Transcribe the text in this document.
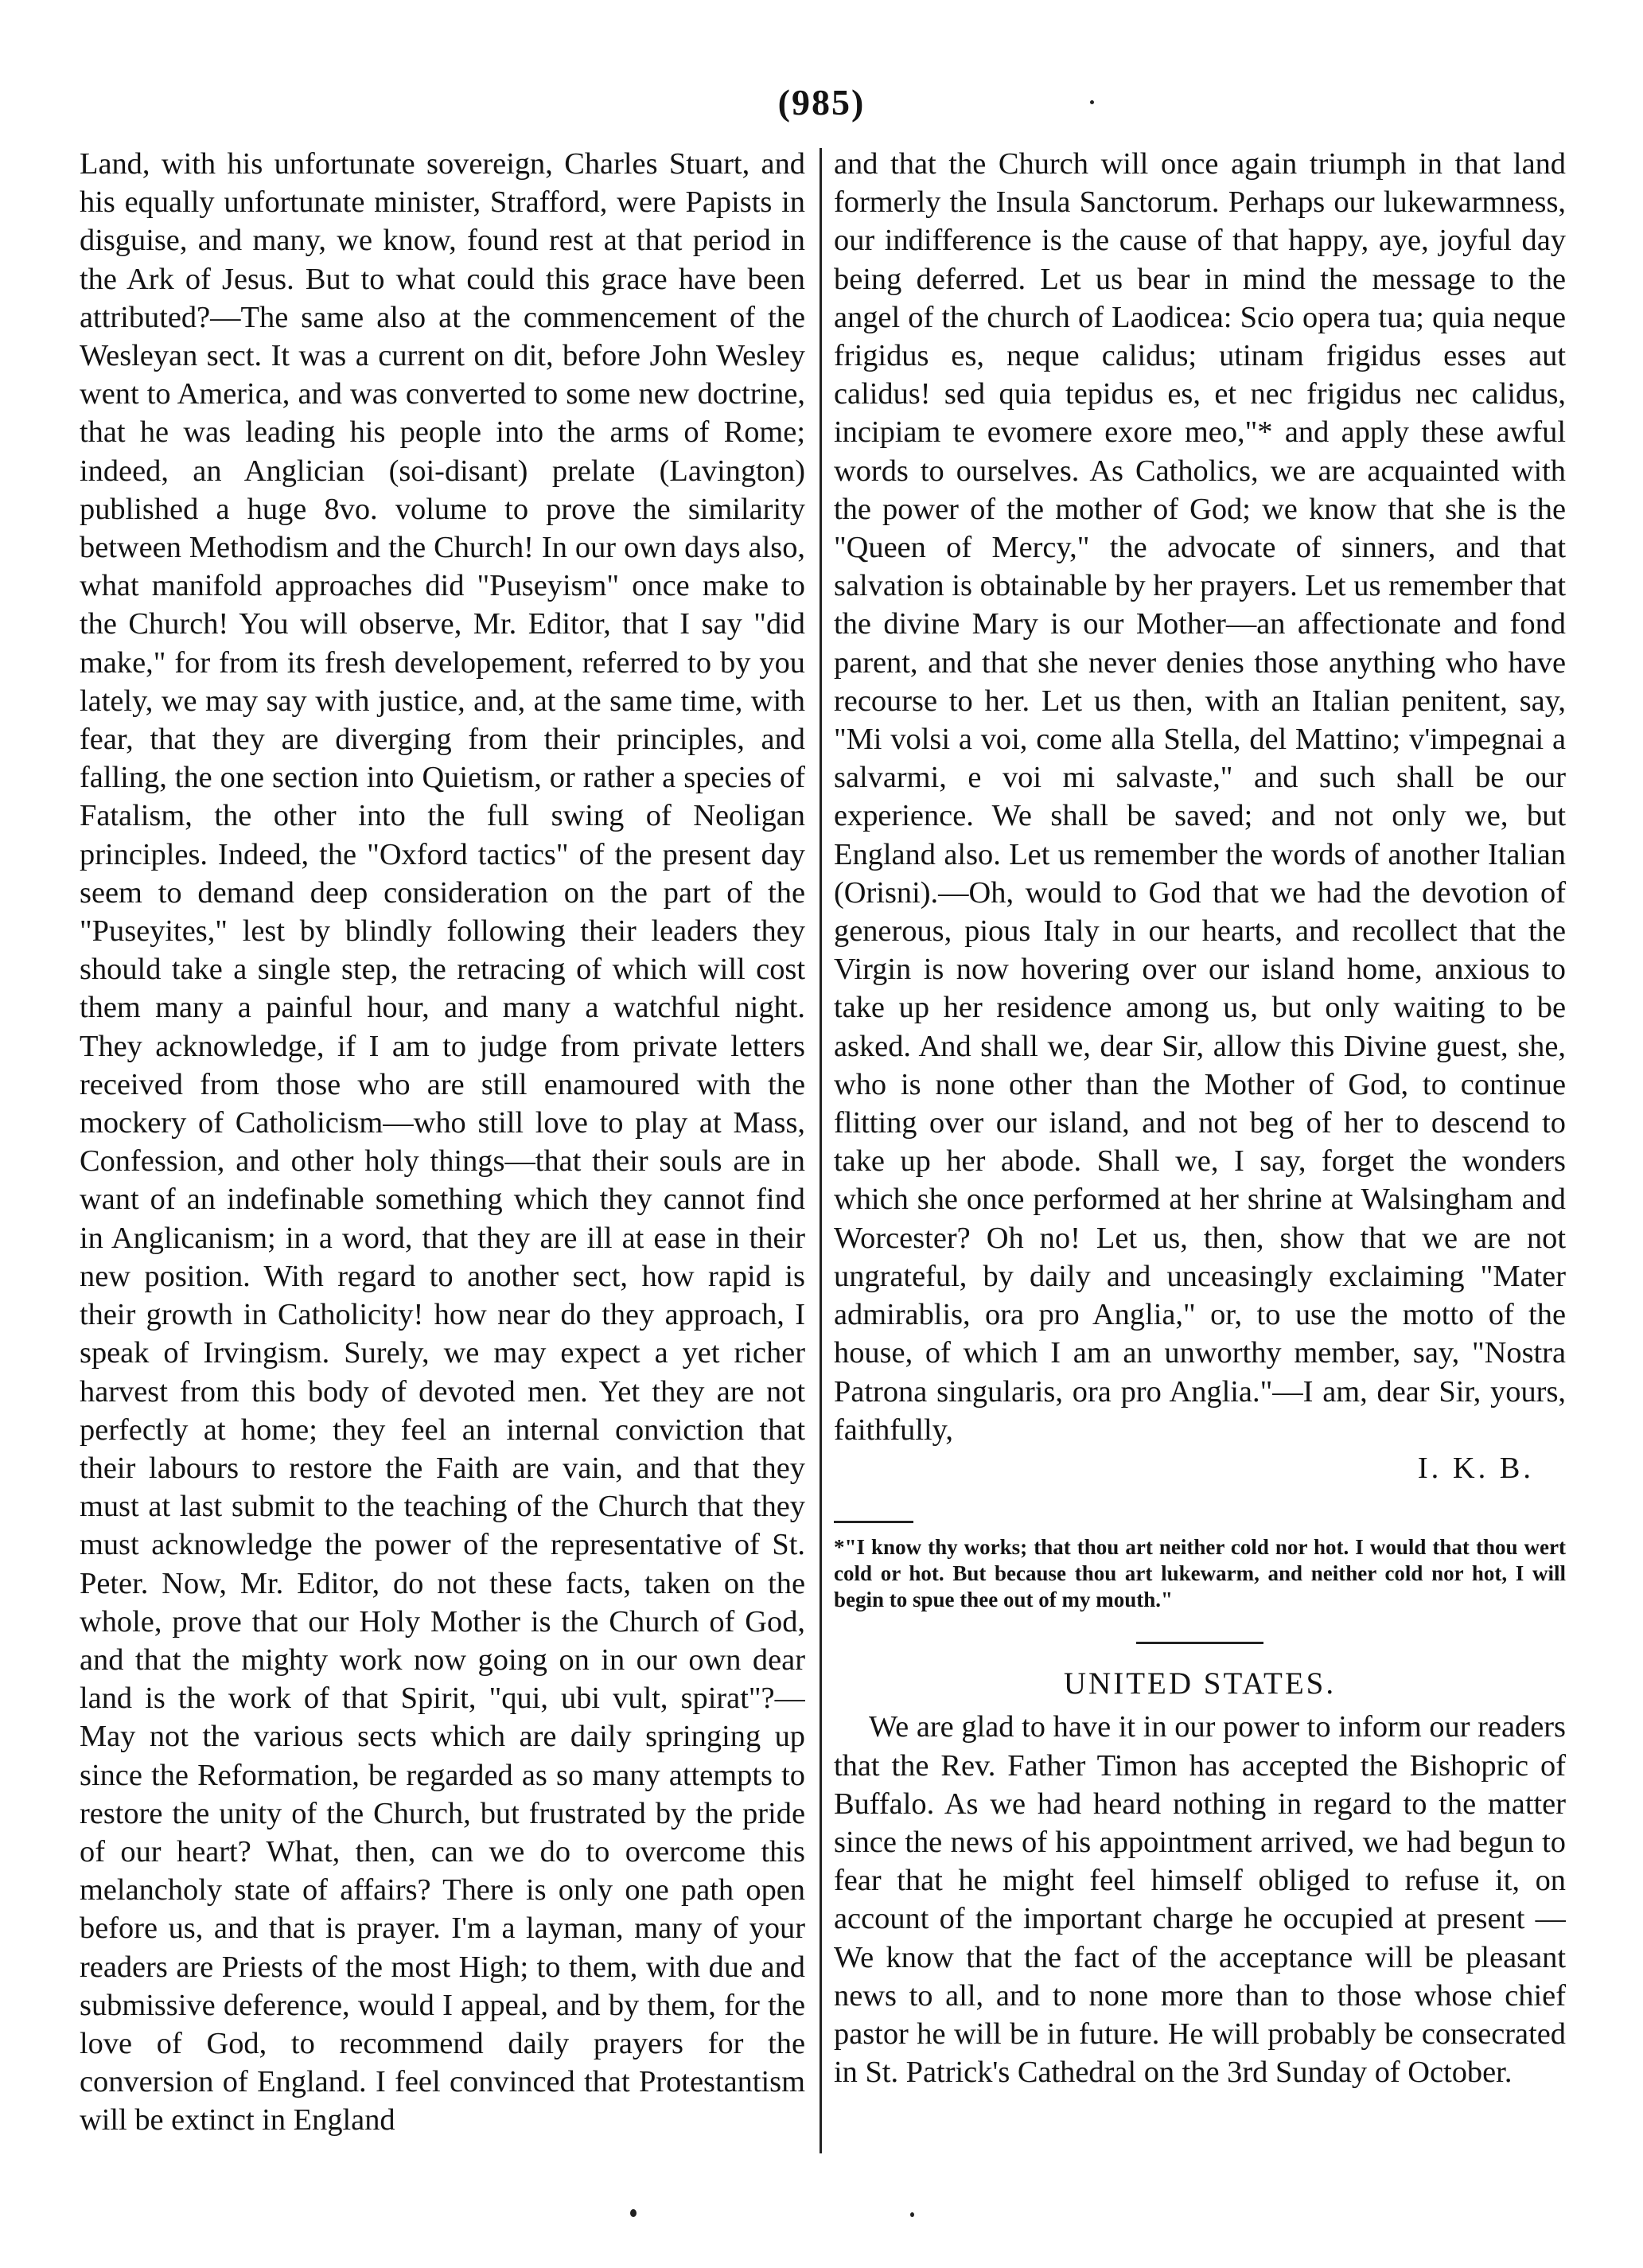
(985)

Land, with his unfortunate sovereign, Charles Stuart, and his equally unfortunate minister, Strafford, were Papists in disguise, and many, we know, found rest at that period in the Ark of Jesus. But to what could this grace have been attributed?—The same also at the commencement of the Wesleyan sect. It was a current on dit, before John Wesley went to America, and was converted to some new doctrine, that he was leading his people into the arms of Rome; indeed, an Anglician (soi-disant) prelate (Lavington) published a huge 8vo. volume to prove the similarity between Methodism and the Church! In our own days also, what manifold approaches did "Puseyism" once make to the Church! You will observe, Mr. Editor, that I say "did make," for from its fresh developement, referred to by you lately, we may say with justice, and, at the same time, with fear, that they are diverging from their principles, and falling, the one section into Quietism, or rather a species of Fatalism, the other into the full swing of Neoligan principles. Indeed, the "Oxford tactics" of the present day seem to demand deep consideration on the part of the "Puseyites," lest by blindly following their leaders they should take a single step, the retracing of which will cost them many a painful hour, and many a watchful night. They acknowledge, if I am to judge from private letters received from those who are still enamoured with the mockery of Catholicism—who still love to play at Mass, Confession, and other holy things—that their souls are in want of an indefinable something which they cannot find in Anglicanism; in a word, that they are ill at ease in their new position. With regard to another sect, how rapid is their growth in Catholicity! how near do they approach, I speak of Irvingism. Surely, we may expect a yet richer harvest from this body of devoted men. Yet they are not perfectly at home; they feel an internal conviction that their labours to restore the Faith are vain, and that they must at last submit to the teaching of the Church that they must acknowledge the power of the representative of St. Peter. Now, Mr. Editor, do not these facts, taken on the whole, prove that our Holy Mother is the Church of God, and that the mighty work now going on in our own dear land is the work of that Spirit, "qui, ubi vult, spirat"?—May not the various sects which are daily springing up since the Reformation, be regarded as so many attempts to restore the unity of the Church, but frustrated by the pride of our heart? What, then, can we do to overcome this melancholy state of affairs? There is only one path open before us, and that is prayer. I'm a layman, many of your readers are Priests of the most High; to them, with due and submissive deference, would I appeal, and by them, for the love of God, to recommend daily prayers for the conversion of England. I feel convinced that Protestantism will be extinct in England

and that the Church will once again triumph in that land formerly the Insula Sanctorum. Perhaps our lukewarmness, our indifference is the cause of that happy, aye, joyful day being deferred. Let us bear in mind the message to the angel of the church of Laodicea: Scio opera tua; quia neque frigidus es, neque calidus; utinam frigidus esses aut calidus! sed quia tepidus es, et nec frigidus nec calidus, incipiam te evomere exore meo,"* and apply these awful words to ourselves. As Catholics, we are acquainted with the power of the mother of God; we know that she is the "Queen of Mercy," the advocate of sinners, and that salvation is obtainable by her prayers. Let us remember that the divine Mary is our Mother—an affectionate and fond parent, and that she never denies those anything who have recourse to her. Let us then, with an Italian penitent, say, "Mi volsi a voi, come alla Stella, del Mattino; v'impegnai a salvarmi, e voi mi salvaste," and such shall be our experience. We shall be saved; and not only we, but England also. Let us remember the words of another Italian (Orisni).—Oh, would to God that we had the devotion of generous, pious Italy in our hearts, and recollect that the Virgin is now hovering over our island home, anxious to take up her residence among us, but only waiting to be asked. And shall we, dear Sir, allow this Divine guest, she, who is none other than the Mother of God, to continue flitting over our island, and not beg of her to descend to take up her abode. Shall we, I say, forget the wonders which she once performed at her shrine at Walsingham and Worcester? Oh no! Let us, then, show that we are not ungrateful, by daily and unceasingly exclaiming "Mater admirablis, ora pro Anglia," or, to use the motto of the house, of which I am an unworthy member, say, "Nostra Patrona singularis, ora pro Anglia."—I am, dear Sir, yours, faithfully,

I. K. B.

*"I know thy works; that thou art neither cold nor hot. I would that thou wert cold or hot. But because thou art lukewarm, and neither cold nor hot, I will begin to spue thee out of my mouth."

UNITED STATES.

We are glad to have it in our power to inform our readers that the Rev. Father Timon has accepted the Bishopric of Buffalo. As we had heard nothing in regard to the matter since the news of his appointment arrived, we had begun to fear that he might feel himself obliged to refuse it, on account of the important charge he occupied at present — We know that the fact of the acceptance will be pleasant news to all, and to none more than to those whose chief pastor he will be in future. He will probably be consecrated in St. Patrick's Cathedral on the 3rd Sunday of October.
